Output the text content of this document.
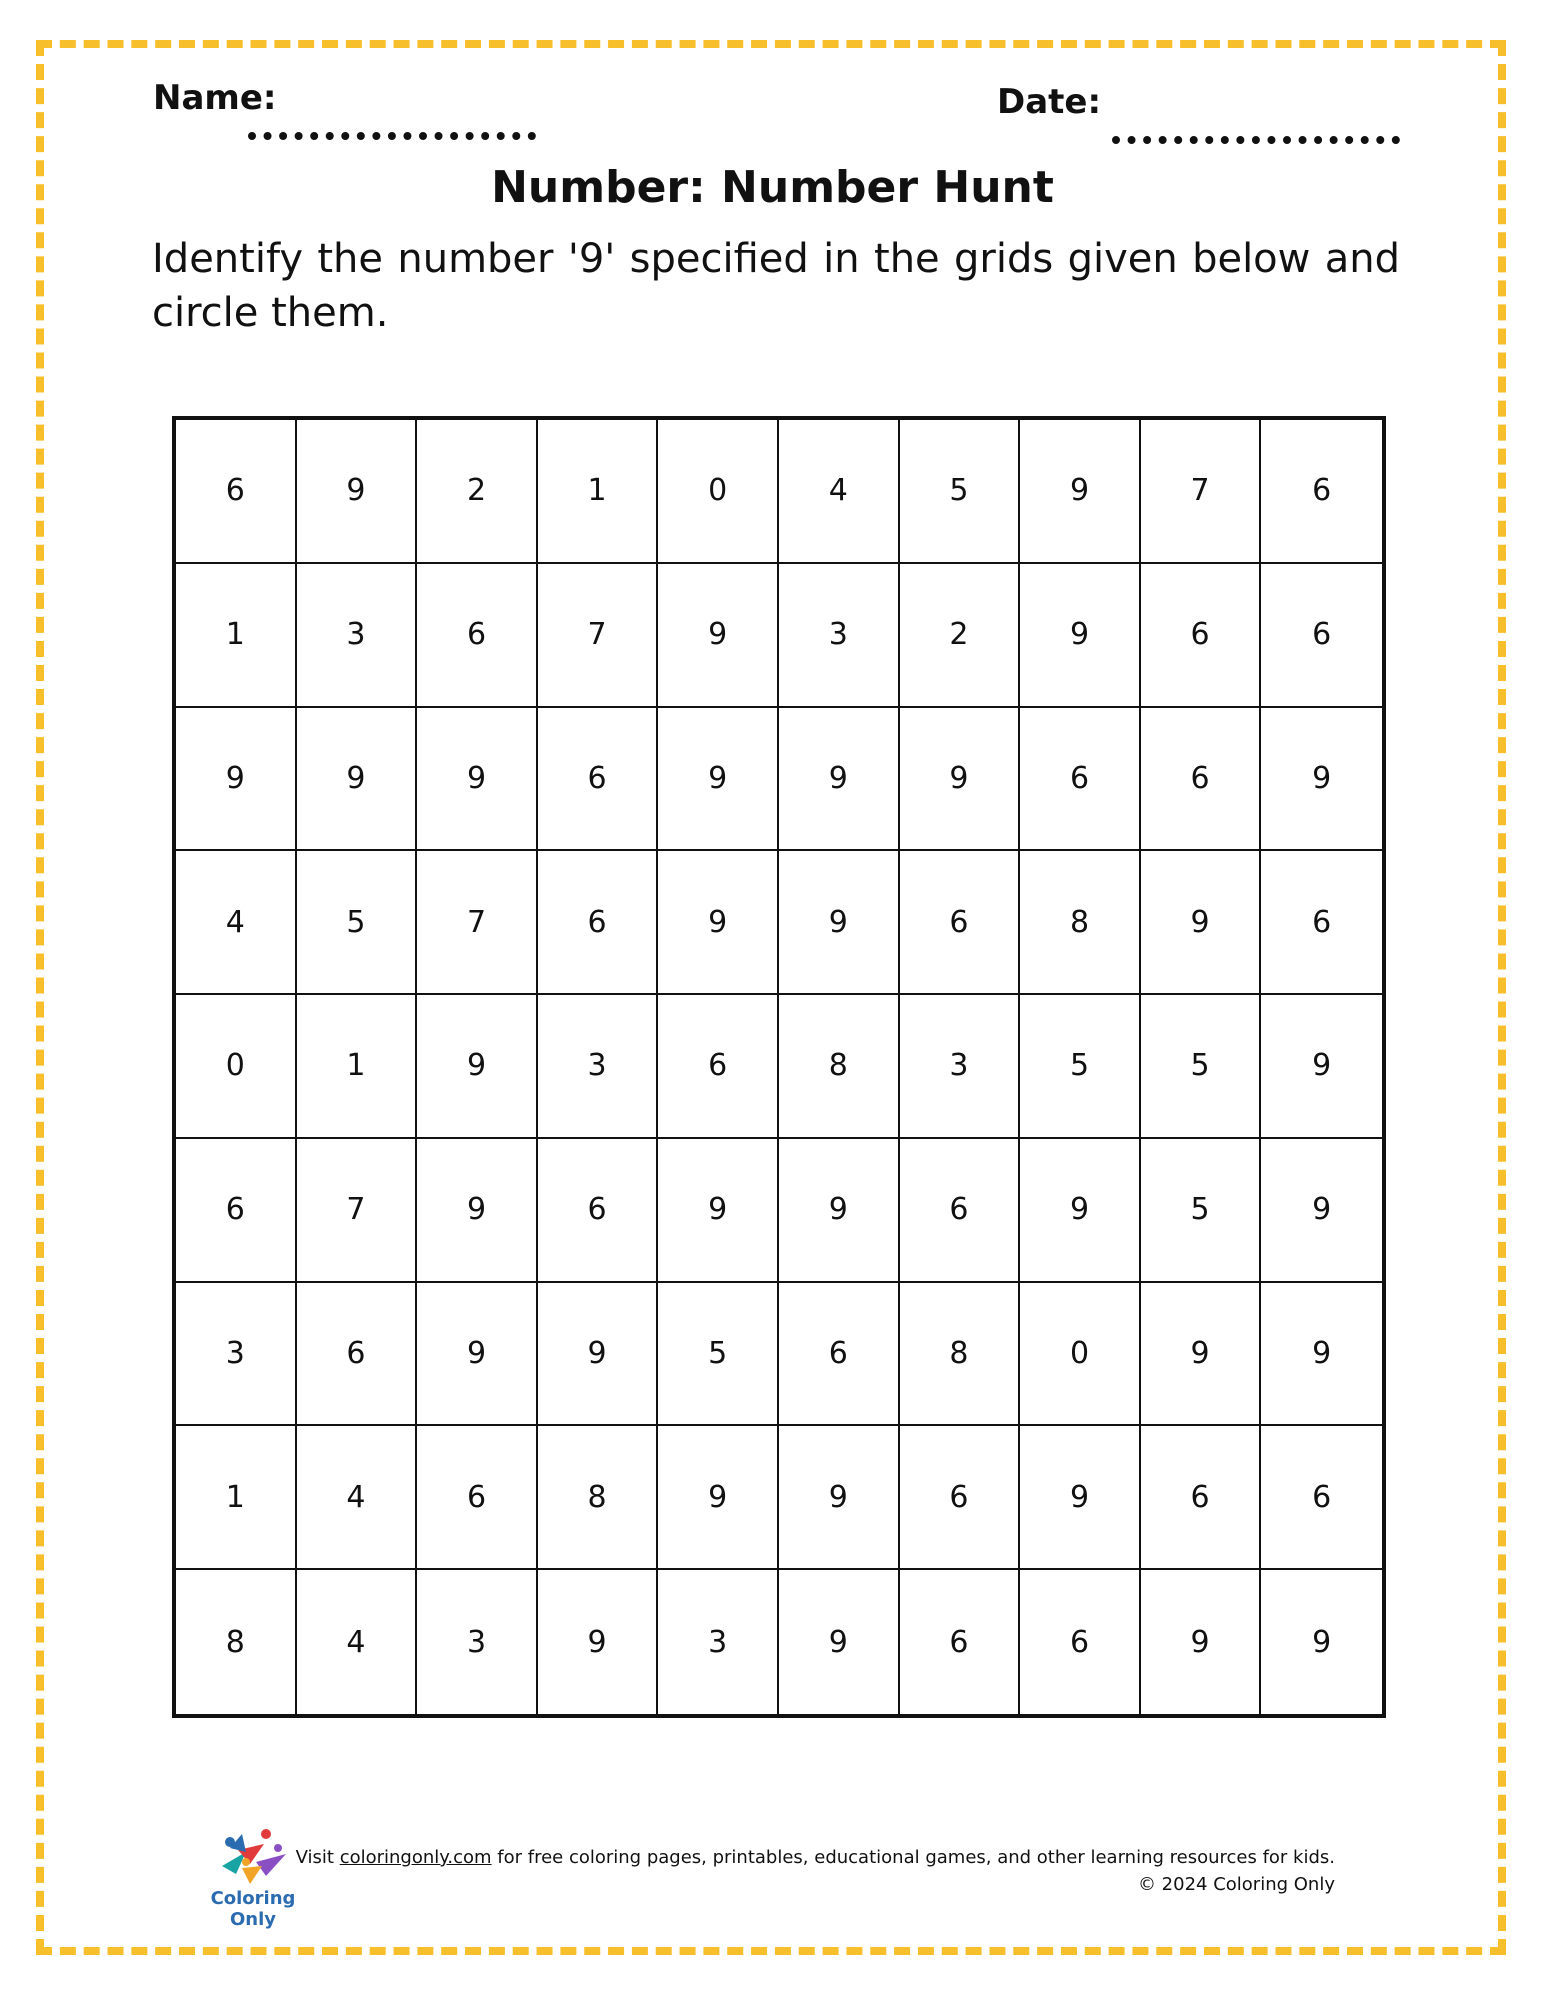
Name:	Date:
Number: Number Hunt
Identify the number '9' specified in the grids given below and circle them.
6	9	2	1	0	4	5	9	7	6
1	3	6	7	9	3	2	9	6	6
9	9	9	6	9	9	9	6	6	9
4	5	7	6	9	9	6	8	9	6
0	1	9	3	6	8	3	5	5	9
6	7	9	6	9	9	6	9	5	9
3	6	9	9	5	6	8	0	9	9
1	4	6	8	9	9	6	9	6	6
8	4	3	9	3	9	6	6	9	9
Coloring Only
Visit coloringonly.com for free coloring pages, printables, educational games, and other learning resources for kids.
© 2024 Coloring Only
